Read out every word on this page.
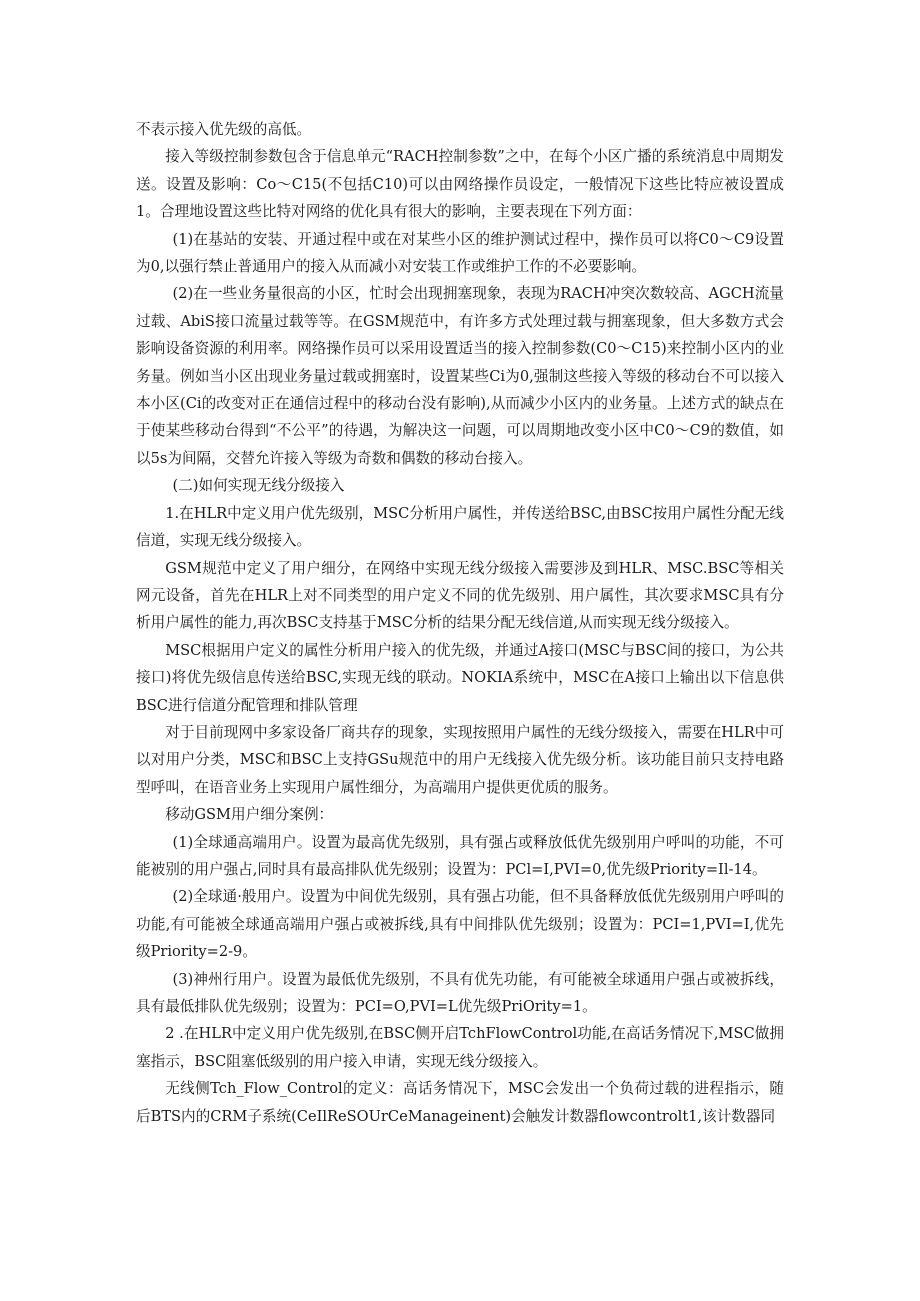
不表示接入优先级的高低。

接入等级控制参数包含于信息单元“RACH控制参数”之中，在每个小区广播的系统消息中周期发送。设置及影响：Co～C15(不包括C10)可以由网络操作员设定，一般情况下这些比特应被设置成1。合理地设置这些比特对网络的优化具有很大的影响，主要表现在下列方面：

(1)在基站的安装、开通过程中或在对某些小区的维护测试过程中，操作员可以将C0～C9设置为0,以强行禁止普通用户的接入从而减小对安装工作或维护工作的不必要影响。

(2)在一些业务量很高的小区，忙时会出现拥塞现象，表现为RACH冲突次数较高、AGCH流量过载、AbiS接口流量过载等等。在GSM规范中，有许多方式处理过载与拥塞现象，但大多数方式会影响设备资源的利用率。网络操作员可以采用设置适当的接入控制参数(C0～C15)来控制小区内的业务量。例如当小区出现业务量过载或拥塞时，设置某些Ci为0,强制这些接入等级的移动台不可以接入本小区(Ci的改变对正在通信过程中的移动台没有影响),从而减少小区内的业务量。上述方式的缺点在于使某些移动台得到“不公平”的待遇，为解决这一问题，可以周期地改变小区中C0～C9的数值，如以5s为间隔，交替允许接入等级为奇数和偶数的移动台接入。

(二)如何实现无线分级接入

1.在HLR中定义用户优先级别，MSC分析用户属性，并传送给BSC,由BSC按用户属性分配无线信道，实现无线分级接入。

GSM规范中定义了用户细分，在网络中实现无线分级接入需要涉及到HLR、MSC.BSC等相关网元设备，首先在HLR上对不同类型的用户定义不同的优先级别、用户属性，其次要求MSC具有分析用户属性的能力,再次BSC支持基于MSC分析的结果分配无线信道,从而实现无线分级接入。

MSC根据用户定义的属性分析用户接入的优先级，并通过A接口(MSC与BSC间的接口，为公共接口)将优先级信息传送给BSC,实现无线的联动。NOKIA系统中，MSC在A接口上输出以下信息供BSC进行信道分配管理和排队管理

对于目前现网中多家设备厂商共存的现象，实现按照用户属性的无线分级接入，需要在HLR中可以对用户分类，MSC和BSC上支持GSu规范中的用户无线接入优先级分析。该功能目前只支持电路型呼叫，在语音业务上实现用户属性细分，为高端用户提供更优质的服务。

移动GSM用户细分案例：

(1)全球通高端用户。设置为最高优先级别，具有强占或释放低优先级别用户呼叫的功能，不可能被别的用户强占,同时具有最高排队优先级别；设置为：PCl=I,PVI=0,优先级Priority=Il-14。

(2)全球通·般用户。设置为中间优先级别，具有强占功能，但不具备释放低优先级别用户呼叫的功能,有可能被全球通高端用户强占或被拆线,具有中间排队优先级别；设置为：PCI=1,PVI=I,优先级Priority=2-9。

(3)神州行用户。设置为最低优先级别，不具有优先功能，有可能被全球通用户强占或被拆线，具有最低排队优先级别；设置为：PCI=O,PVI=L优先级PriOrity=1。

2 .在HLR中定义用户优先级别,在BSC侧开启TchFlowControl功能,在高话务情况下,MSC做拥塞指示，BSC阻塞低级别的用户接入申请，实现无线分级接入。

无线侧Tch_Flow_Control的定义：高话务情况下，MSC会发出一个负荷过载的进程指示，随后BTS内的CRM子系统(CeIlReSOUrCeManageinent)会触发计数器flowcontrolt1,该计数器同
